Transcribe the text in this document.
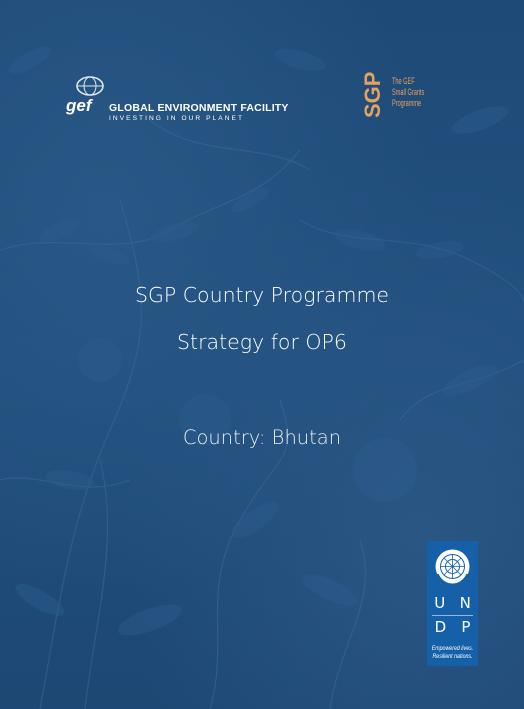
gef GLOBAL ENVIRONMENT FACILITY
INVESTING IN OUR PLANET
SGP The GEF
Small Grants
Programme
SGP Country Programme
Strategy for OP6
Country: Bhutan
U N
D P
Empowered lives.
Resilient nations.
